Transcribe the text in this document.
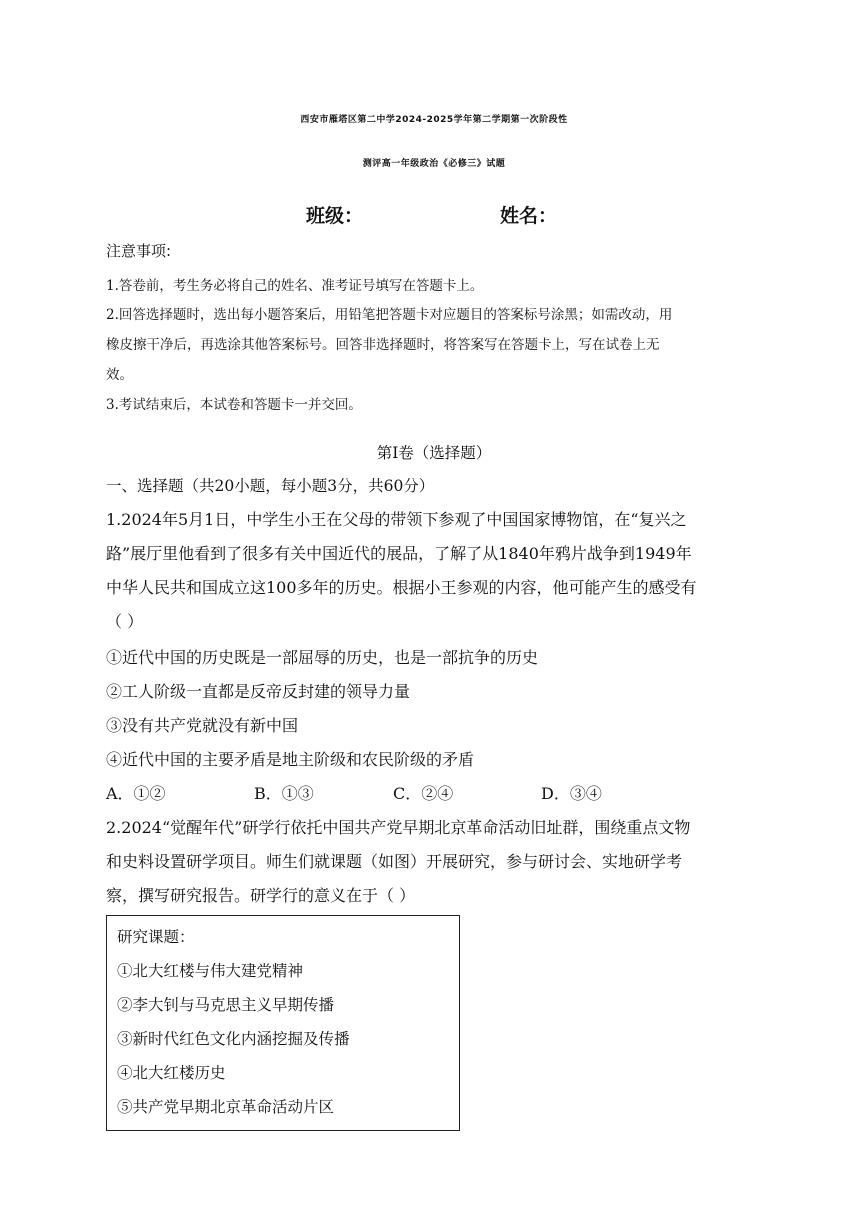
西安市雁塔区第二中学2024-2025学年第二学期第一次阶段性
测评高一年级政治《必修三》试题
班级：	姓名：
注意事项:
1.答卷前，考生务必将自己的姓名、准考证号填写在答题卡上。
2.回答选择题时，选出每小题答案后，用铅笔把答题卡对应题目的答案标号涂黑；如需改动，用
橡皮擦干净后，再选涂其他答案标号。回答非选择题时，将答案写在答题卡上，写在试卷上无
效。
3.考试结束后，本试卷和答题卡一并交回。
第Ⅰ卷（选择题）
一、选择题（共20小题，每小题3分，共60分）
1.2024年5月1日，中学生小王在父母的带领下参观了中国国家博物馆，在“复兴之
路”展厅里他看到了很多有关中国近代的展品，了解了从1840年鸦片战争到1949年
中华人民共和国成立这100多年的历史。根据小王参观的内容，他可能产生的感受有
（ ）
①近代中国的历史既是一部屈辱的历史，也是一部抗争的历史
②工人阶级一直都是反帝反封建的领导力量
③没有共产党就没有新中国
④近代中国的主要矛盾是地主阶级和农民阶级的矛盾
A．①②	B．①③	C．②④	D．③④
2.2024“觉醒年代”研学行依托中国共产党早期北京革命活动旧址群，围绕重点文物
和史料设置研学项目。师生们就课题（如图）开展研究，参与研讨会、实地研学考
察，撰写研究报告。研学行的意义在于（ ）
研究课题：
①北大红楼与伟大建党精神
②李大钊与马克思主义早期传播
③新时代红色文化内涵挖掘及传播
④北大红楼历史
⑤共产党早期北京革命活动片区
